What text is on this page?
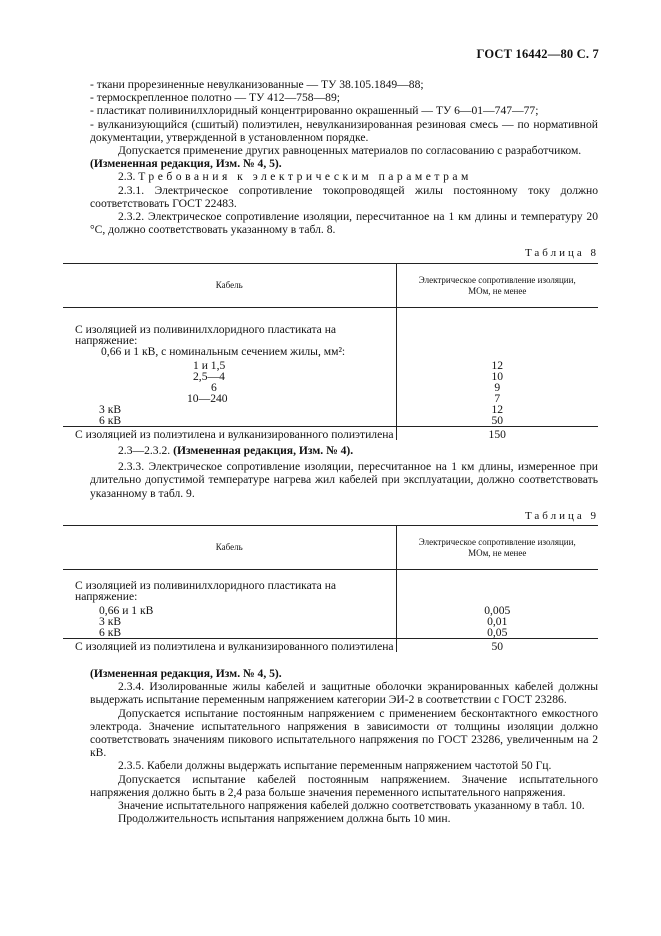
ГОСТ 16442—80 С. 7
- ткани прорезиненные невулканизованные — ТУ 38.105.1849—88;
- термоскрепленное полотно — ТУ 412—758—89;
- пластикат поливинилхлоридный концентрированно окрашенный — ТУ 6—01—747—77;
- вулканизующийся (сшитый) полиэтилен, невулканизированная резиновая смесь — по нормативной документации, утвержденной в установленном порядке.
Допускается применение других равноценных материалов по согласованию с разработчиком.
(Измененная редакция, Изм. № 4, 5).
2.3. Требования к электрическим параметрам
2.3.1. Электрическое сопротивление токопроводящей жилы постоянному току должно соответствовать ГОСТ 22483.
2.3.2. Электрическое сопротивление изоляции, пересчитанное на 1 км длины и температуру 20 °С, должно соответствовать указанному в табл. 8.
Таблица 8
Кабель	Электрическое сопротивление изоляции, МОм, не менее

С изоляцией из поливинилхлоридного пластиката на напряжение:	
0,66 и 1 кВ, с номинальным сечением жилы, мм²:	
1 и 1,5	12
2,5—4	10
6	9
10—240	7
3 кВ	12
6 кВ	50
С изоляцией из полиэтилена и вулканизированного полиэтилена	150
2.3—2.3.2. (Измененная редакция, Изм. № 4).
2.3.3. Электрическое сопротивление изоляции, пересчитанное на 1 км длины, измеренное при длительно допустимой температуре нагрева жил кабелей при эксплуатации, должно соответствовать указанному в табл. 9.
Таблица 9
Кабель	Электрическое сопротивление изоляции, МОм, не менее

С изоляцией из поливинилхлоридного пластиката на напряжение:	
0,66 и 1 кВ	0,005
3 кВ	0,01
6 кВ	0,05
С изоляцией из полиэтилена и вулканизированного полиэтилена	50
(Измененная редакция, Изм. № 4, 5).
2.3.4. Изолированные жилы кабелей и защитные оболочки экранированных кабелей должны выдержать испытание переменным напряжением категории ЭИ-2 в соответствии с ГОСТ 23286.
Допускается испытание постоянным напряжением с применением бесконтактного емкостного электрода. Значение испытательного напряжения в зависимости от толщины изоляции должно соответствовать значениям пикового испытательного напряжения по ГОСТ 23286, увеличенным на 2 кВ.
2.3.5. Кабели должны выдержать испытание переменным напряжением частотой 50 Гц.
Допускается испытание кабелей постоянным напряжением. Значение испытательного напряжения должно быть в 2,4 раза больше значения переменного испытательного напряжения.
Значение испытательного напряжения кабелей должно соответствовать указанному в табл. 10.
Продолжительность испытания напряжением должна быть 10 мин.
